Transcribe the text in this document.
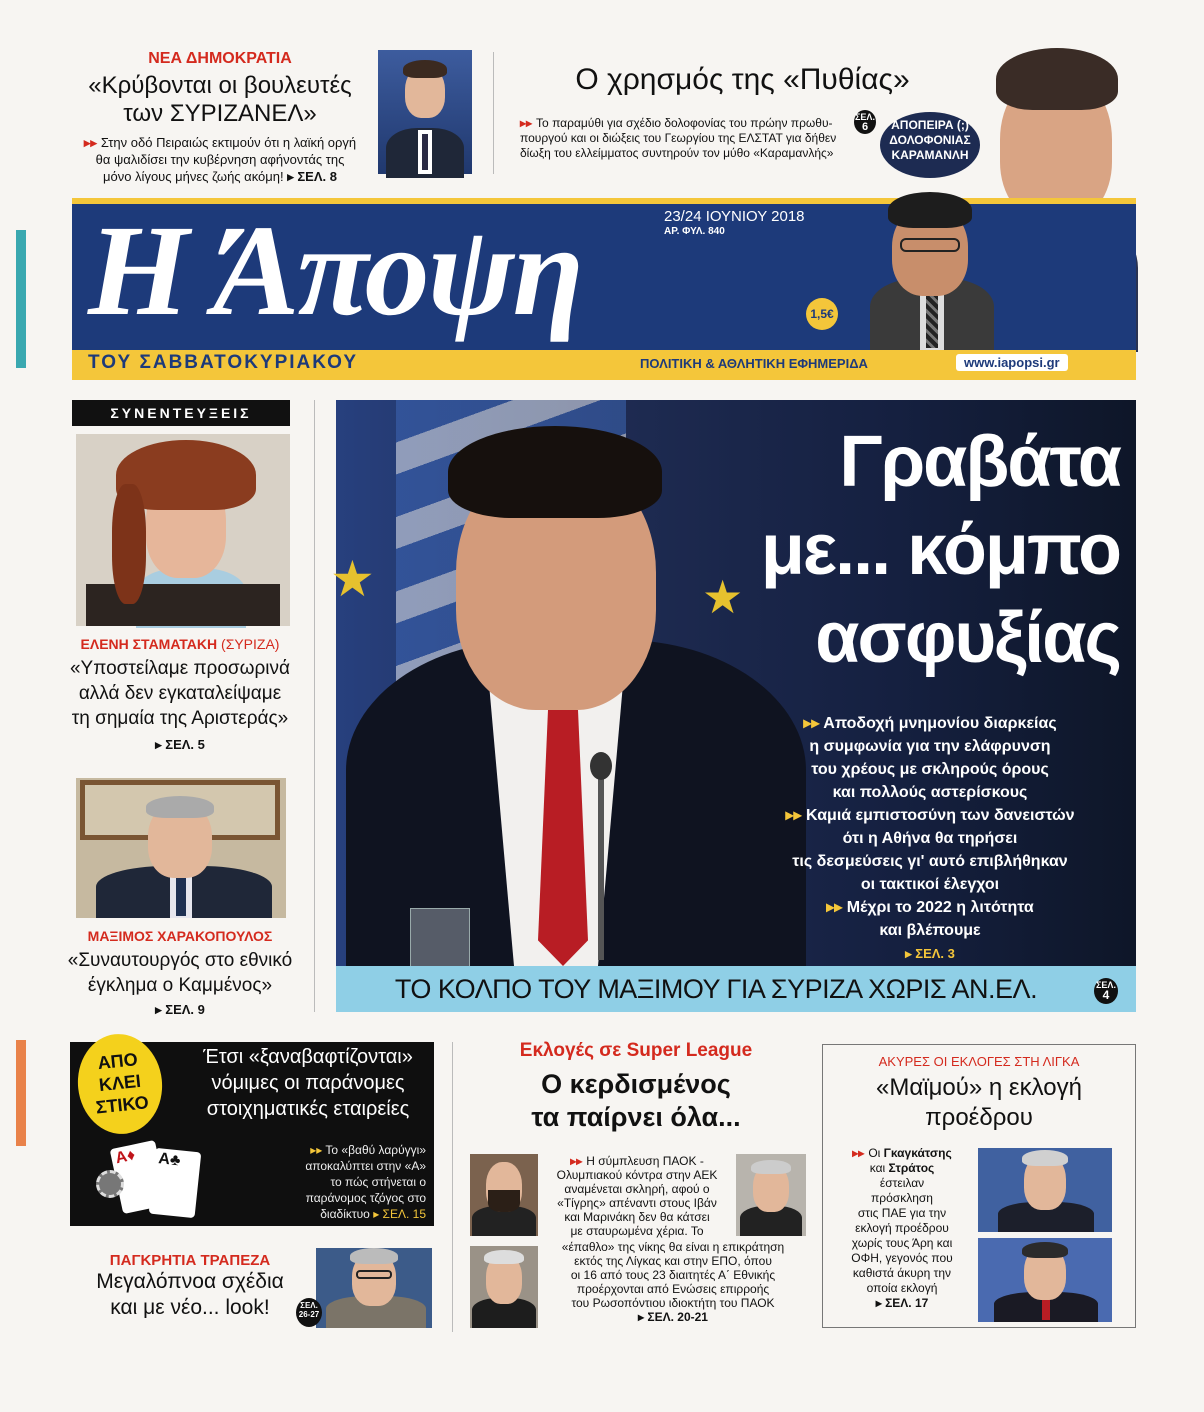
ΝΕΑ ΔΗΜΟΚΡΑΤΙΑ
«Κρύβονται οι βουλευτές
των ΣΥΡΙΖΑΝΕΛ»
▸▸ Στην οδό Πειραιώς εκτιμούν ότι η λαϊκή οργή
θα ψαλιδίσει την κυβέρνηση αφήνοντάς της
μόνο λίγους μήνες ζωής ακόμη! ▸ ΣΕΛ. 8
Ο χρησμός της «Πυθίας»
▸▸ Το παραμύθι για σχέδιο δολοφονίας του πρώην πρωθυ-
πουργού και οι διώξεις του Γεωργίου της ΕΛΣΤΑΤ για δήθεν
δίωξη του ελλείμματος συντηρούν τον μύθο «Καραμανλής»
ΣΕΛ.
6	ΑΠΟΠΕΙΡΑ (;)
ΔΟΛΟΦΟΝΙΑΣ
ΚΑΡΑΜΑΝΛΗ
Η Άποψη	23/24 ΙΟΥΝΙΟΥ 2018
ΑΡ. ΦΥΛ. 840
1,5€
ΤΟΥ ΣΑΒΒΑΤΟΚΥΡΙΑΚΟΥ	ΠΟΛΙΤΙΚΗ & ΑΘΛΗΤΙΚΗ ΕΦΗΜΕΡΙΔΑ	www.iapopsi.gr
ΣΥΝΕΝΤΕΥΞΕΙΣ
ΕΛΕΝΗ ΣΤΑΜΑΤΑΚΗ (ΣΥΡΙΖΑ)
«Υποστείλαμε προσωρινά
αλλά δεν εγκαταλείψαμε
τη σημαία της Αριστεράς»
▸ ΣΕΛ. 5
ΜΑΞΙΜΟΣ ΧΑΡΑΚΟΠΟΥΛΟΣ
«Συναυτουργός στο εθνικό
έγκλημα ο Καμμένος»
▸ ΣΕΛ. 9
★	★
Γραβάτα
με... κόμπο
ασφυξίας
▸▸ Αποδοχή μνημονίου διαρκείας
η συμφωνία για την ελάφρυνση
του χρέους με σκληρούς όρους
και πολλούς αστερίσκους
▸▸ Καμιά εμπιστοσύνη των δανειστών
ότι η Αθήνα θα τηρήσει
τις δεσμεύσεις γι' αυτό επιβλήθηκαν
οι τακτικοί έλεγχοι
▸▸ Μέχρι το 2022 η λιτότητα
και βλέπουμε
▸ ΣΕΛ. 3
ΤΟ ΚΟΛΠΟ ΤΟΥ ΜΑΞΙΜΟΥ ΓΙΑ ΣΥΡΙΖΑ ΧΩΡΙΣ ΑΝ.ΕΛ.	ΣΕΛ.
4
ΑΠΟ
ΚΛΕΙ
ΣΤΙΚΟ
A♦	A♣
Έτσι «ξαναβαφτίζονται»
νόμιμες οι παράνομες
στοιχηματικές εταιρείες
▸▸ Το «βαθύ λαρύγγι»
αποκαλύπτει στην «Α»
το πώς στήνεται ο
παράνομος τζόγος στο
διαδίκτυο ▸ ΣΕΛ. 15
ΠΑΓΚΡΗΤΙΑ ΤΡΑΠΕΖΑ
Μεγαλόπνοα σχέδια
και με νέο... look!	ΣΕΛ.
26-27
Εκλογές σε Super League
Ο κερδισμένος
τα παίρνει όλα...
▸▸ Η σύμπλευση ΠΑΟΚ -
Ολυμπιακού κόντρα στην ΑΕΚ
αναμένεται σκληρή, αφού ο
«Τίγρης» απέναντι στους Ιβάν
και Μαρινάκη δεν θα κάτσει
με σταυρωμένα χέρια. Το
«έπαθλο» της νίκης θα είναι η επικράτηση
εκτός της Λίγκας και στην ΕΠΟ, όπου
οι 16 από τους 23 διαιτητές Α΄ Εθνικής
προέρχονται από Ενώσεις επιρροής
του Ρωσοπόντιου ιδιοκτήτη του ΠΑΟΚ
▸ ΣΕΛ. 20-21
ΑΚΥΡΕΣ ΟΙ ΕΚΛΟΓΕΣ ΣΤΗ ΛΙΓΚΑ
«Μαϊμού» η εκλογή
προέδρου
▸▸ Οι Γκαγκάτσης
και Στράτος
έστειλαν
πρόσκληση
στις ΠΑΕ για την
εκλογή προέδρου
χωρίς τους Άρη και
ΟΦΗ, γεγονός που
καθιστά άκυρη την
οποία εκλογή
▸ ΣΕΛ. 17
